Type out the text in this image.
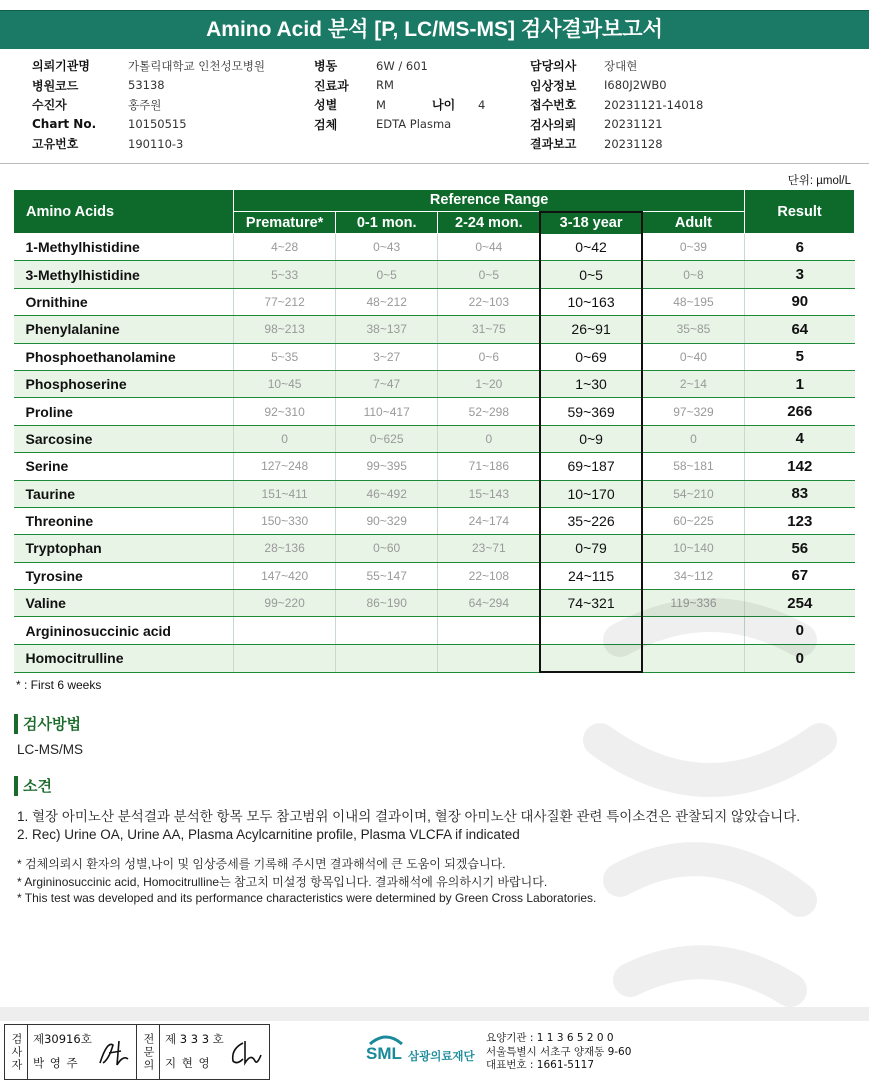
Amino Acid 분석 [P, LC/MS-MS] 검사결과보고서
의뢰기관명	가톨릭대학교 인천성모병원
병원코드	53138
수진자	홍주원
Chart No.	10150515
고유번호	190110-3
병동	6W / 601
진료과	RM
성별	M	나이	4
검체	EDTA Plasma
담당의사	장대현
임상정보	I680J2WB0
접수번호	20231121-14018
검사의뢰	20231121
결과보고	20231128
단위: µmol/L
Amino Acids	Reference Range					Result
	Premature*	0-1 mon.	2-24 mon.	3-18 year	Adult	
1-Methylhistidine	4~28	0~43	0~44	0~42	0~39	6
3-Methylhistidine	5~33	0~5	0~5	0~5	0~8	3
Ornithine	77~212	48~212	22~103	10~163	48~195	90
Phenylalanine	98~213	38~137	31~75	26~91	35~85	64
Phosphoethanolamine	5~35	3~27	0~6	0~69	0~40	5
Phosphoserine	10~45	7~47	1~20	1~30	2~14	1
Proline	92~310	110~417	52~298	59~369	97~329	266
Sarcosine	0	0~625	0	0~9	0	4
Serine	127~248	99~395	71~186	69~187	58~181	142
Taurine	151~411	46~492	15~143	10~170	54~210	83
Threonine	150~330	90~329	24~174	35~226	60~225	123
Tryptophan	28~136	0~60	23~71	0~79	10~140	56
Tyrosine	147~420	55~147	22~108	24~115	34~112	67
Valine	99~220	86~190	64~294	74~321	119~336	254
Argininosuccinic acid						0
Homocitrulline						0
* : First 6 weeks
검사방법
LC-MS/MS
소견
1. 혈장 아미노산 분석결과 분석한 항목 모두 참고범위 이내의 결과이며, 혈장 아미노산 대사질환 관련 특이소견은 관찰되지 않았습니다.
2. Rec) Urine OA, Urine AA, Plasma Acylcarnitine profile, Plasma VLCFA if indicated
* 검체의뢰시 환자의 성별,나이 및 임상증세를 기록해 주시면 결과해석에 큰 도움이 되겠습니다.
* Argininosuccinic acid, Homocitrulline는 참고치 미설정 항목입니다. 결과해석에 유의하시기 바랍니다.
* This test was developed and its performance characteristics were determined by Green Cross Laboratories.
검사자 제30916호
박 영 주	전문의 제 3 3 3 호
지 현 영	SML 삼광의료재단
요양기관 : 1 1 3 6 5 2 0 0
서울특별시 서초구 양재동 9-60
대표번호 : 1661-5117
